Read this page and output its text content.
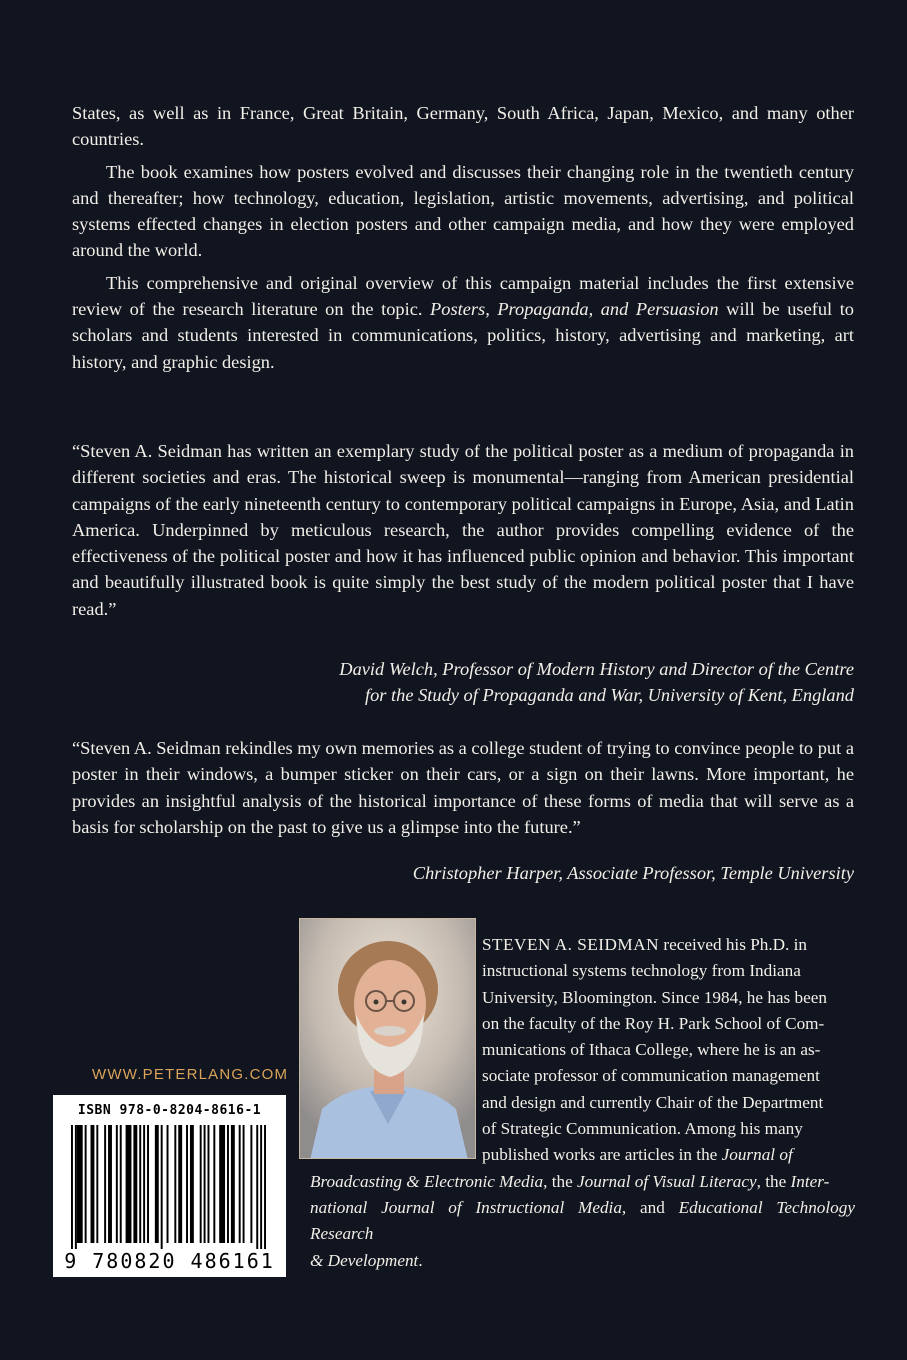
States, as well as in France, Great Britain, Germany, South Africa, Japan, Mexico, and many other countries.

The book examines how posters evolved and discusses their changing role in the twentieth century and thereafter; how technology, education, legislation, artistic movements, advertising, and political systems effected changes in election posters and other campaign media, and how they were employed around the world.

This comprehensive and original overview of this campaign material includes the first extensive review of the research literature on the topic. Posters, Propaganda, and Persuasion will be useful to scholars and students interested in communications, politics, history, advertising and marketing, art history, and graphic design.

“Steven A. Seidman has written an exemplary study of the political poster as a medium of propaganda in different societies and eras. The historical sweep is monumental—ranging from American presidential campaigns of the early nineteenth century to contemporary political campaigns in Europe, Asia, and Latin America. Underpinned by meticulous research, the author provides compelling evidence of the effectiveness of the political poster and how it has influenced public opinion and behavior. This important and beautifully illustrated book is quite simply the best study of the modern political poster that I have read.”
David Welch, Professor of Modern History and Director of the Centre
for the Study of Propaganda and War, University of Kent, England
“Steven A. Seidman rekindles my own memories as a college student of trying to convince people to put a poster in their windows, a bumper sticker on their cars, or a sign on their lawns. More important, he provides an insightful analysis of the historical importance of these forms of media that will serve as a basis for scholarship on the past to give us a glimpse into the future.”
Christopher Harper, Associate Professor, Temple University
STEVEN A. SEIDMAN received his Ph.D. in
instructional systems technology from Indiana
University, Bloomington. Since 1984, he has been
on the faculty of the Roy H. Park School of Com-
munications of Ithaca College, where he is an as-
sociate professor of communication management
and design and currently Chair of the Department
of Strategic Communication. Among his many
published works are articles in the Journal of
Broadcasting & Electronic Media, the Journal of Visual Literacy, the Inter-
national Journal of Instructional Media, and Educational Technology Research
& Development.
WWW.PETERLANG.COM
ISBN 978-0-8204-8616-1
9 780820 486161
